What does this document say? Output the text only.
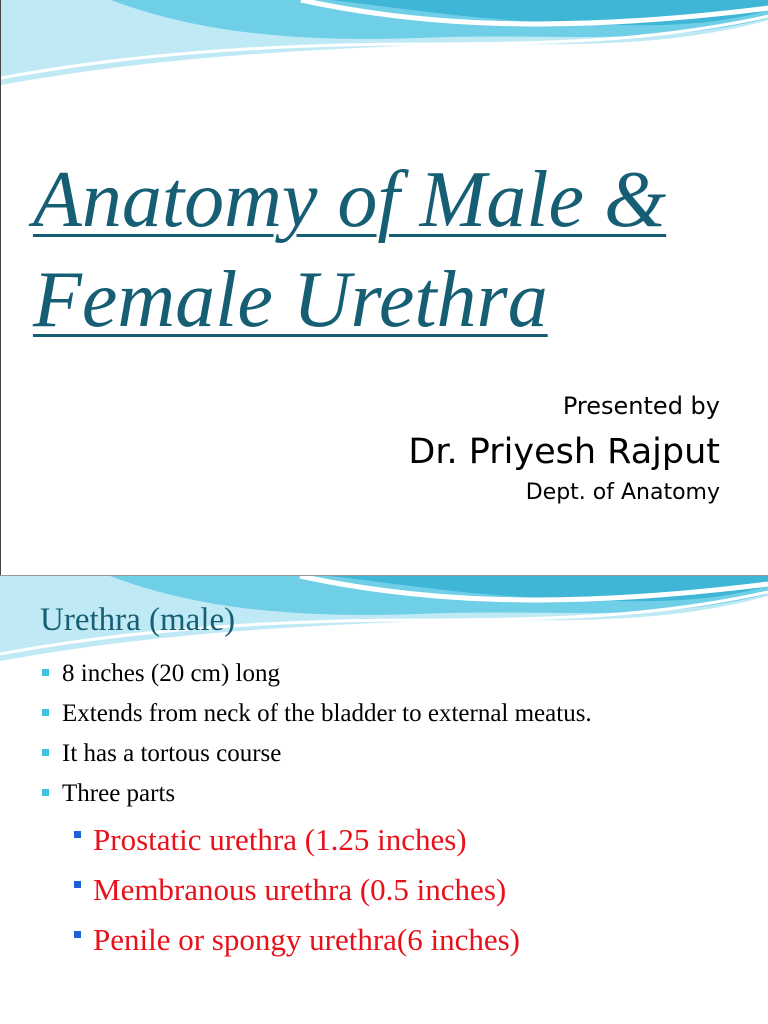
Anatomy of Male &
Female Urethra
Presented by
Dr. Priyesh Rajput
Dept. of Anatomy
Urethra (male)
8 inches (20 cm) long
Extends from neck of the bladder to external meatus.
It has a tortous course
Three parts
Prostatic urethra (1.25 inches)
Membranous urethra (0.5 inches)
Penile or spongy urethra(6 inches)
